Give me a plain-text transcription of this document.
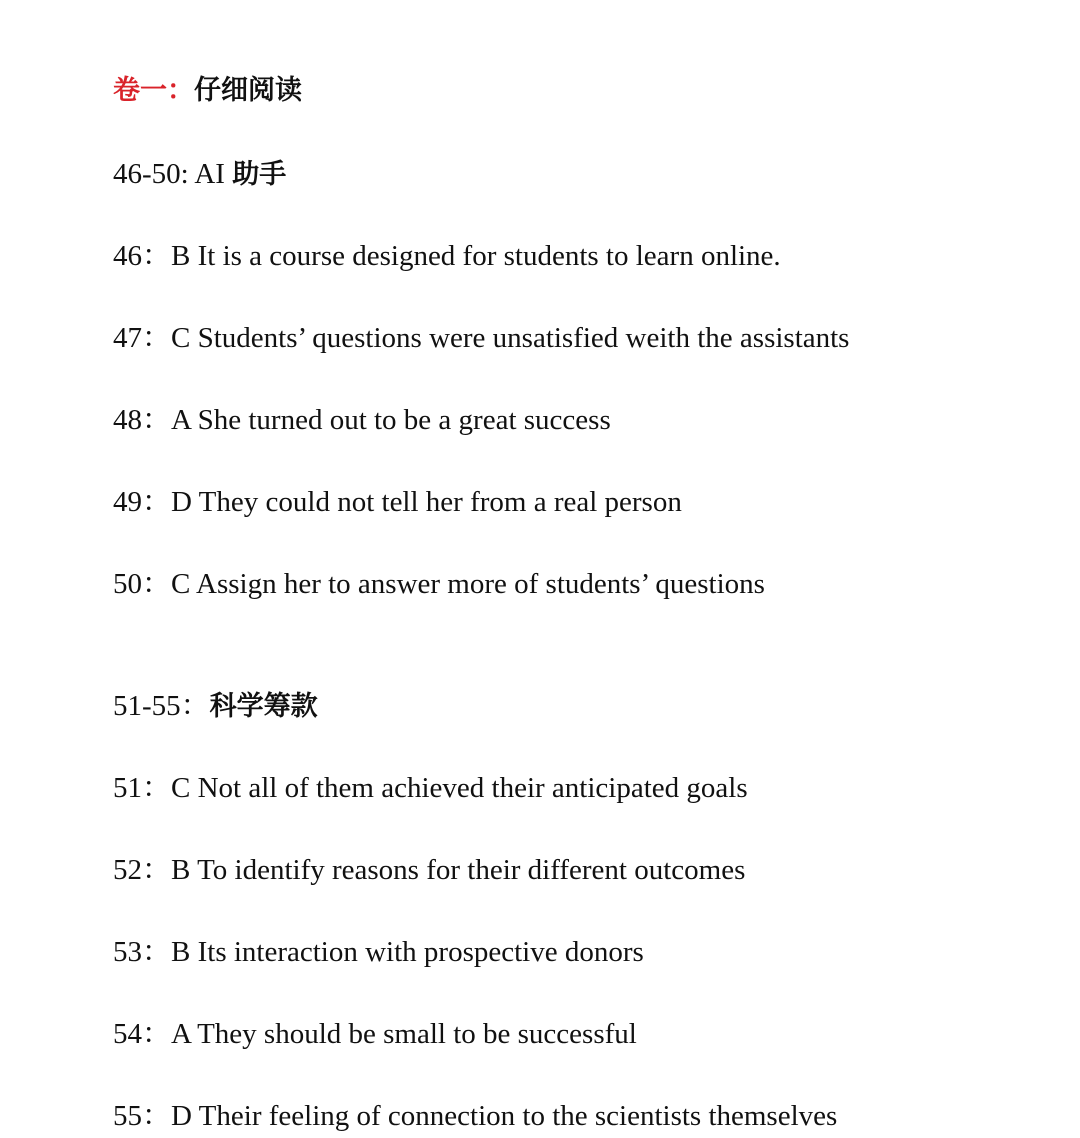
卷一：仔细阅读
46-50: AI 助手
46：B It is a course designed for students to learn online.
47：C Students’ questions were unsatisfied weith the assistants
48：A She turned out to be a great success
49：D They could not tell her from a real person
50：C Assign her to answer more of students’ questions
51-55：科学筹款
51：C Not all of them achieved their anticipated goals
52：B To identify reasons for their different outcomes
53：B Its interaction with prospective donors
54：A They should be small to be successful
55：D Their feeling of connection to the scientists themselves
